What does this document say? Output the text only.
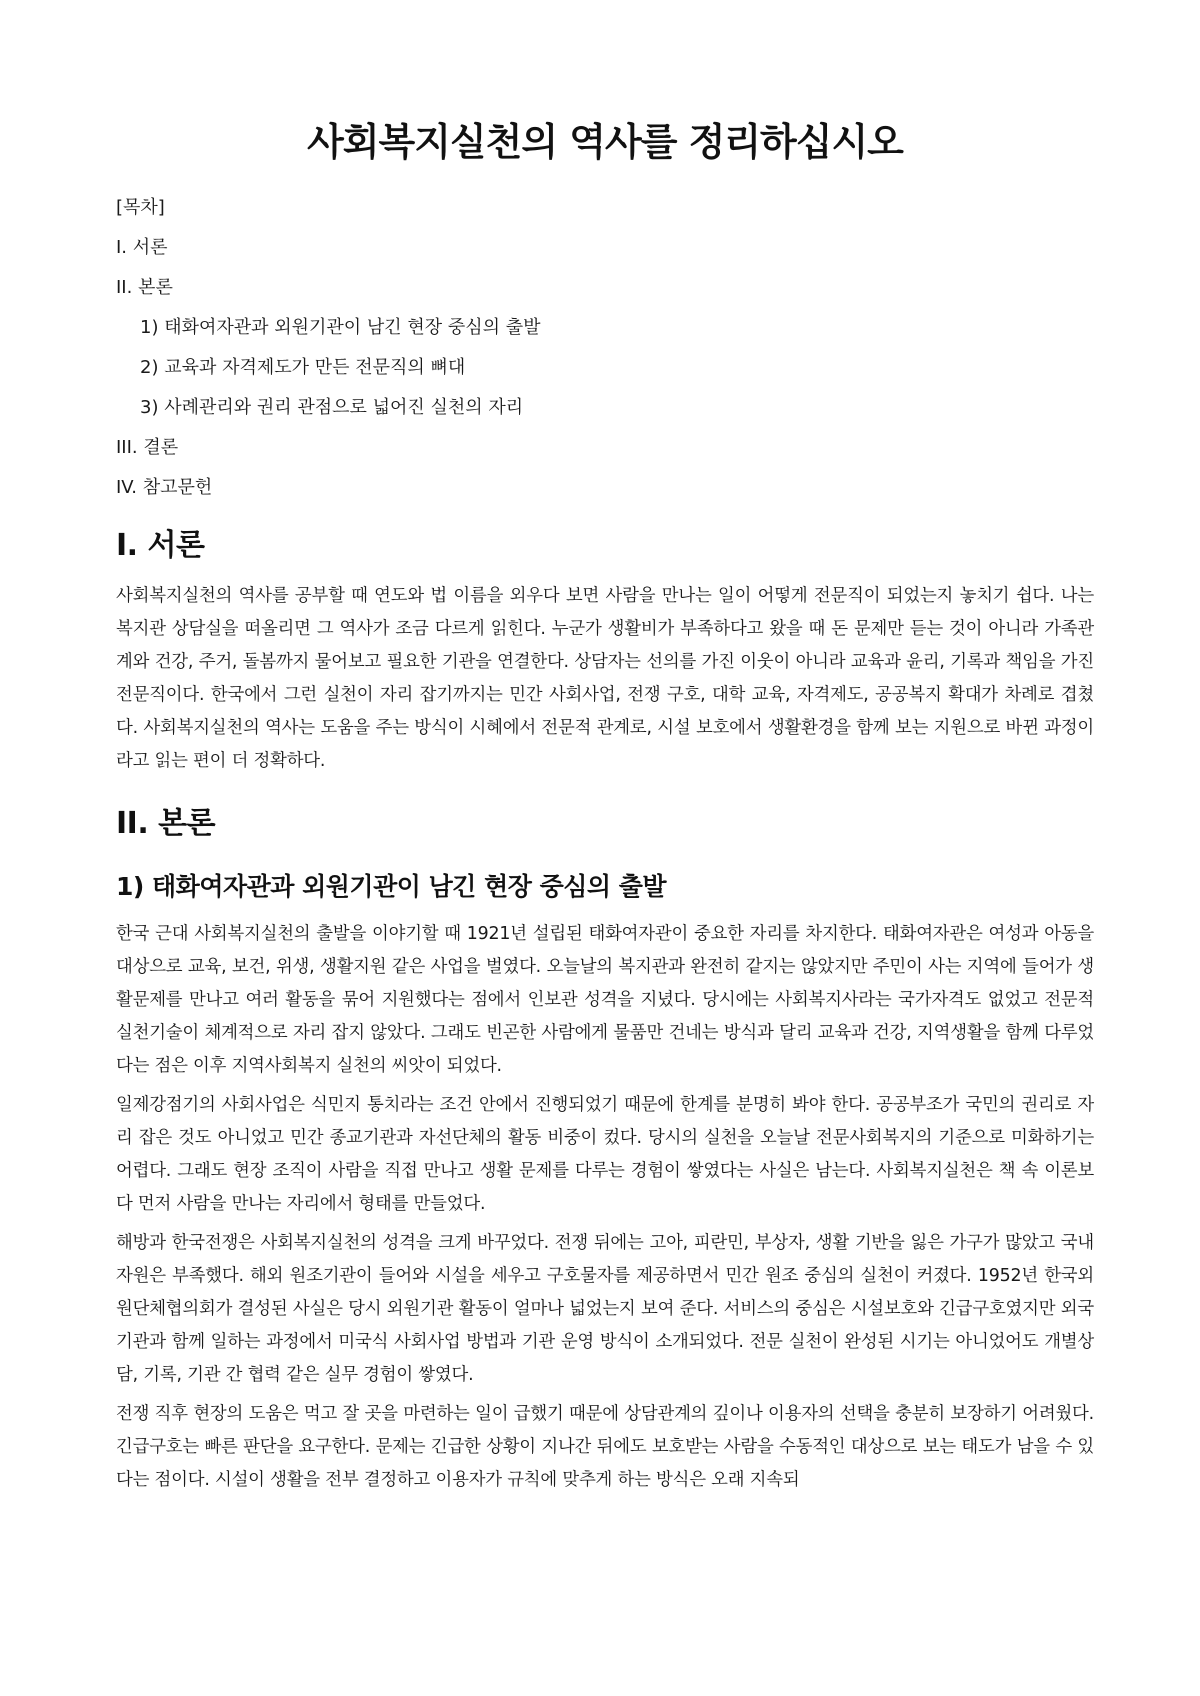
사회복지실천의 역사를 정리하십시오
[목차]
I. 서론
II. 본론
1) 태화여자관과 외원기관이 남긴 현장 중심의 출발
2) 교육과 자격제도가 만든 전문직의 뼈대
3) 사례관리와 권리 관점으로 넓어진 실천의 자리
III. 결론
IV. 참고문헌
I. 서론

사회복지실천의 역사를 공부할 때 연도와 법 이름을 외우다 보면 사람을 만나는 일이 어떻게 전문직이 되었는지 놓치기 쉽다. 나는 복지관 상담실을 떠올리면 그 역사가 조금 다르게 읽힌다. 누군가 생활비가 부족하다고 왔을 때 돈 문제만 듣는 것이 아니라 가족관계와 건강, 주거, 돌봄까지 물어보고 필요한 기관을 연결한다. 상담자는 선의를 가진 이웃이 아니라 교육과 윤리, 기록과 책임을 가진 전문직이다. 한국에서 그런 실천이 자리 잡기까지는 민간 사회사업, 전쟁 구호, 대학 교육, 자격제도, 공공복지 확대가 차례로 겹쳤다. 사회복지실천의 역사는 도움을 주는 방식이 시혜에서 전문적 관계로, 시설 보호에서 생활환경을 함께 보는 지원으로 바뀐 과정이라고 읽는 편이 더 정확하다.

II. 본론
1) 태화여자관과 외원기관이 남긴 현장 중심의 출발

한국 근대 사회복지실천의 출발을 이야기할 때 1921년 설립된 태화여자관이 중요한 자리를 차지한다. 태화여자관은 여성과 아동을 대상으로 교육, 보건, 위생, 생활지원 같은 사업을 벌였다. 오늘날의 복지관과 완전히 같지는 않았지만 주민이 사는 지역에 들어가 생활문제를 만나고 여러 활동을 묶어 지원했다는 점에서 인보관 성격을 지녔다. 당시에는 사회복지사라는 국가자격도 없었고 전문적 실천기술이 체계적으로 자리 잡지 않았다. 그래도 빈곤한 사람에게 물품만 건네는 방식과 달리 교육과 건강, 지역생활을 함께 다루었다는 점은 이후 지역사회복지 실천의 씨앗이 되었다.

일제강점기의 사회사업은 식민지 통치라는 조건 안에서 진행되었기 때문에 한계를 분명히 봐야 한다. 공공부조가 국민의 권리로 자리 잡은 것도 아니었고 민간 종교기관과 자선단체의 활동 비중이 컸다. 당시의 실천을 오늘날 전문사회복지의 기준으로 미화하기는 어렵다. 그래도 현장 조직이 사람을 직접 만나고 생활 문제를 다루는 경험이 쌓였다는 사실은 남는다. 사회복지실천은 책 속 이론보다 먼저 사람을 만나는 자리에서 형태를 만들었다.

해방과 한국전쟁은 사회복지실천의 성격을 크게 바꾸었다. 전쟁 뒤에는 고아, 피란민, 부상자, 생활 기반을 잃은 가구가 많았고 국내 자원은 부족했다. 해외 원조기관이 들어와 시설을 세우고 구호물자를 제공하면서 민간 원조 중심의 실천이 커졌다. 1952년 한국외원단체협의회가 결성된 사실은 당시 외원기관 활동이 얼마나 넓었는지 보여 준다. 서비스의 중심은 시설보호와 긴급구호였지만 외국 기관과 함께 일하는 과정에서 미국식 사회사업 방법과 기관 운영 방식이 소개되었다. 전문 실천이 완성된 시기는 아니었어도 개별상담, 기록, 기관 간 협력 같은 실무 경험이 쌓였다.

전쟁 직후 현장의 도움은 먹고 잘 곳을 마련하는 일이 급했기 때문에 상담관계의 깊이나 이용자의 선택을 충분히 보장하기 어려웠다. 긴급구호는 빠른 판단을 요구한다. 문제는 긴급한 상황이 지나간 뒤에도 보호받는 사람을 수동적인 대상으로 보는 태도가 남을 수 있다는 점이다. 시설이 생활을 전부 결정하고 이용자가 규칙에 맞추게 하는 방식은 오래 지속되
